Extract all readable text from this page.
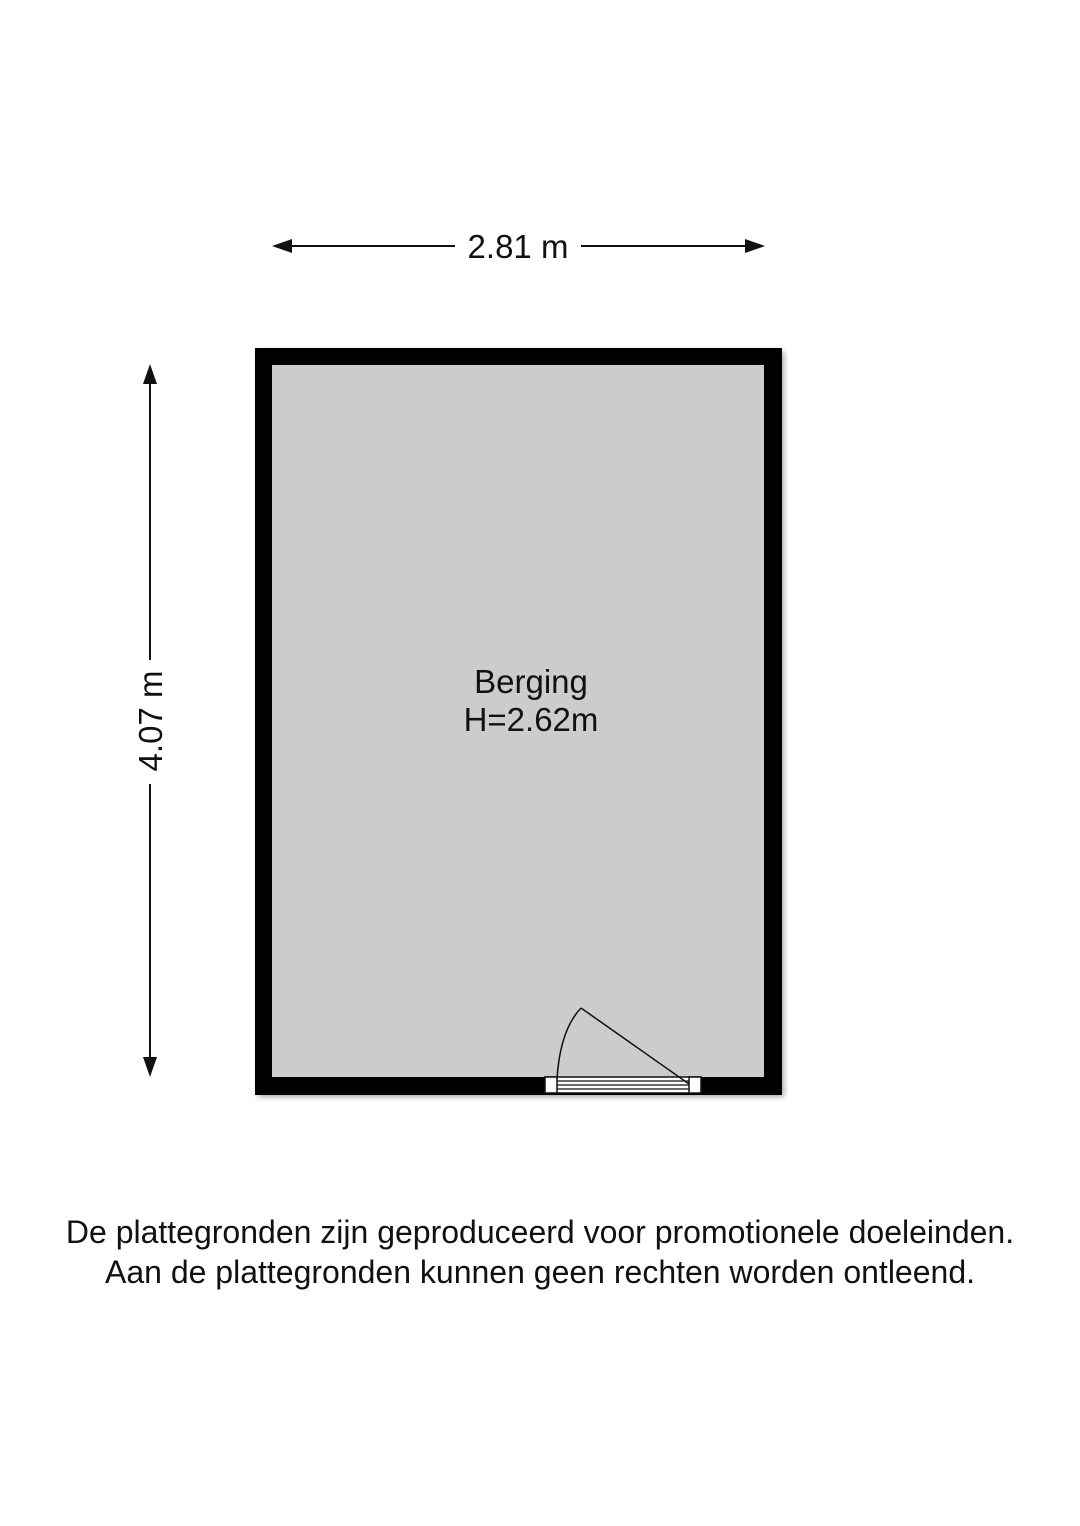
2.81 m
4.07 m	Berging
H=2.62m
De plattegronden zijn geproduceerd voor promotionele doeleinden.
Aan de plattegronden kunnen geen rechten worden ontleend.
